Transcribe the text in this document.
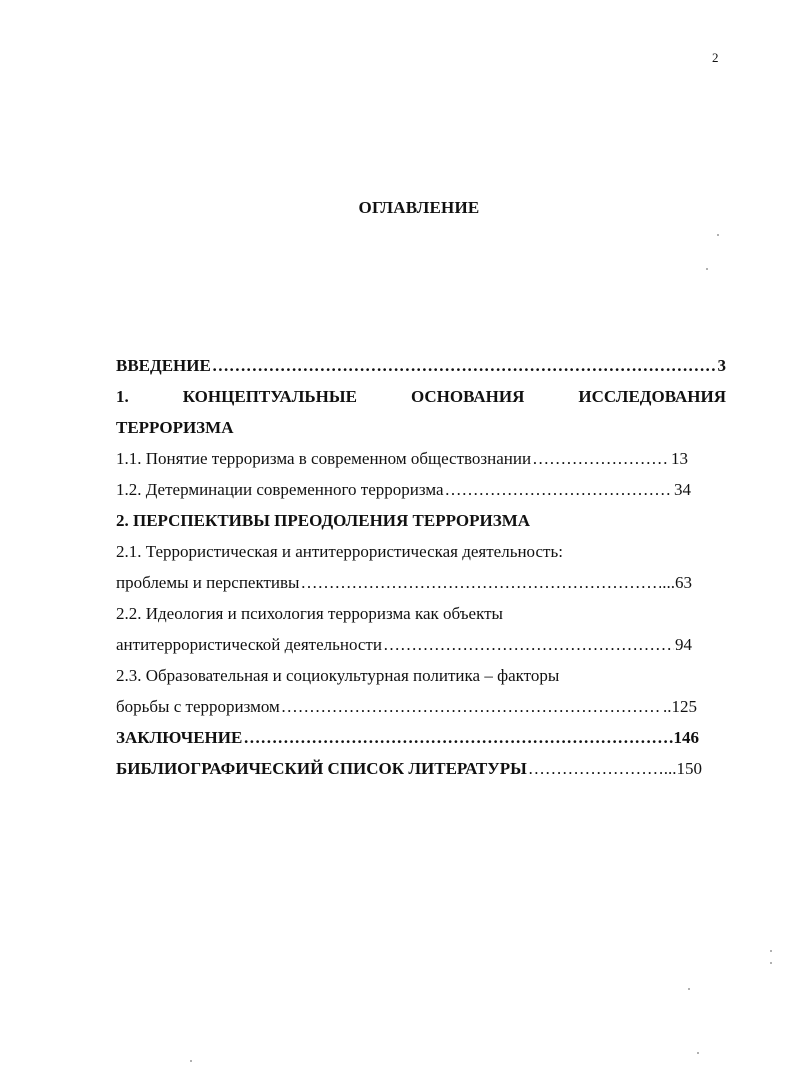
2
ОГЛАВЛЕНИЕ
ВВЕДЕНИЕ …………………………………………………………………………………………………………………………………………………………………	3
1.	КОНЦЕПТУАЛЬНЫЕ	ОСНОВАНИЯ	ИССЛЕДОВАНИЯ
ТЕРРОРИЗМА
1.1. Понятие терроризма в современном обществознании …………………………………………………………………………………………………………………………………………………………………	13
1.2. Детерминации современного терроризма …………………………………………………………………………………………………………………………………………………………………	34
2. ПЕРСПЕКТИВЫ ПРЕОДОЛЕНИЯ ТЕРРОРИЗМА
2.1. Террористическая и антитеррористическая деятельность:
проблемы и перспективы …………………………………………………………………………………………………………………………………………………………………	...63
2.2. Идеология и психология терроризма как объекты
антитеррористической деятельности …………………………………………………………………………………………………………………………………………………………………	94
2.3. Образовательная и социокультурная политика – факторы
борьбы с терроризмом …………………………………………………………………………………………………………………………………………………………………	..125
ЗАКЛЮЧЕНИЕ …………………………………………………………………………………………………………………………………………………………………	146
БИБЛИОГРАФИЧЕСКИЙ СПИСОК ЛИТЕРАТУРЫ …………………………………………………………………………………………………………………………………………………………………	...150
